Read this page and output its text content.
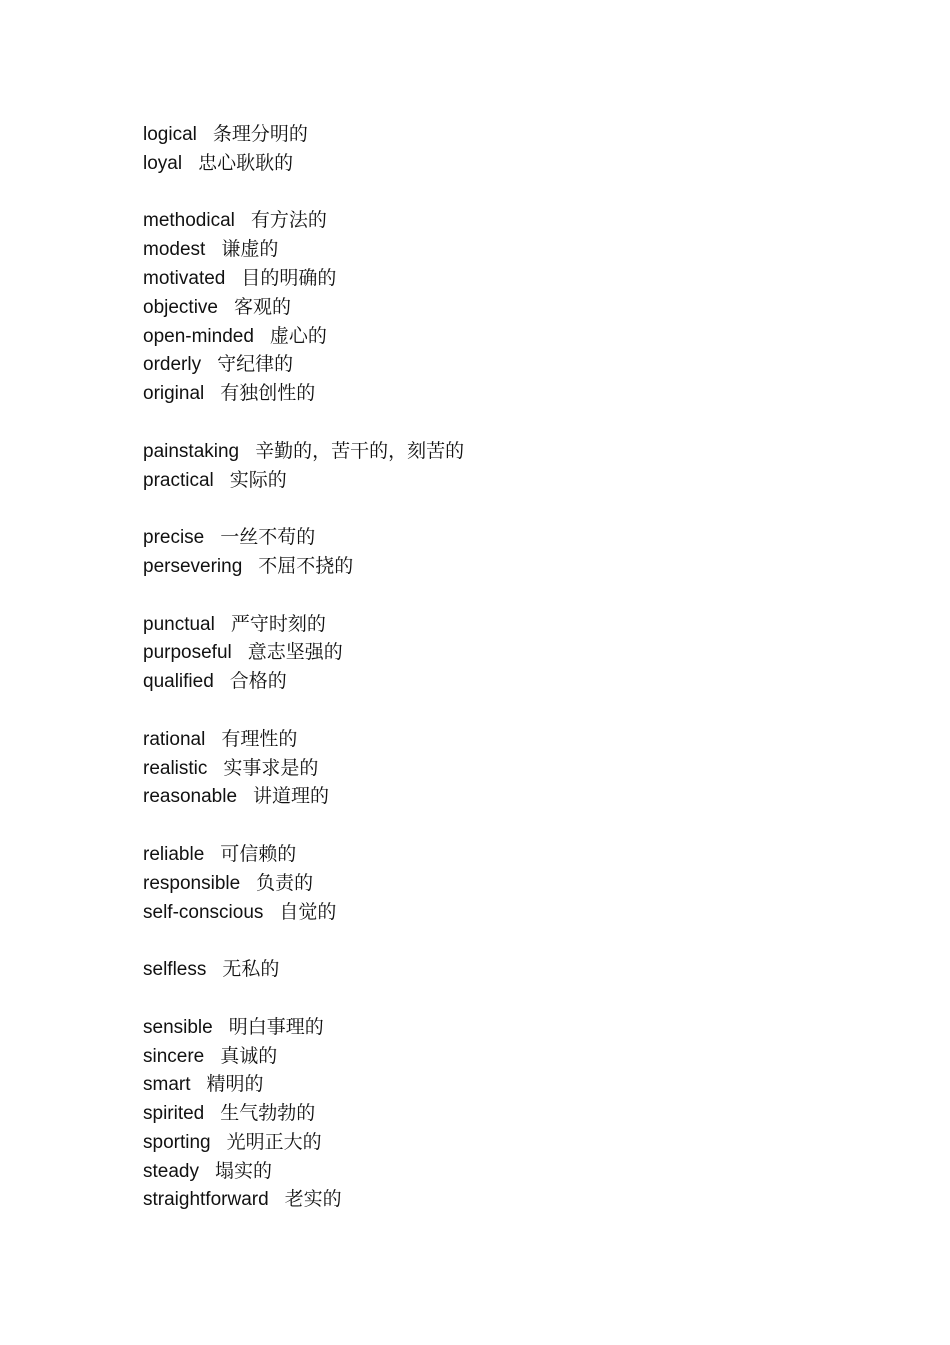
logical 条理分明的
loyal 忠心耿耿的
methodical 有方法的
modest 谦虚的
motivated 目的明确的
objective 客观的
open-minded 虚心的
orderly 守纪律的
original 有独创性的
painstaking 辛勤的，苦干的，刻苦的
practical 实际的
precise 一丝不苟的
persevering 不屈不挠的
punctual 严守时刻的
purposeful 意志坚强的
qualified 合格的
rational 有理性的
realistic 实事求是的
reasonable 讲道理的
reliable 可信赖的
responsible 负责的
self-conscious 自觉的
selfless 无私的
sensible 明白事理的
sincere 真诚的
smart 精明的
spirited 生气勃勃的
sporting 光明正大的
steady 塌实的
straightforward 老实的
